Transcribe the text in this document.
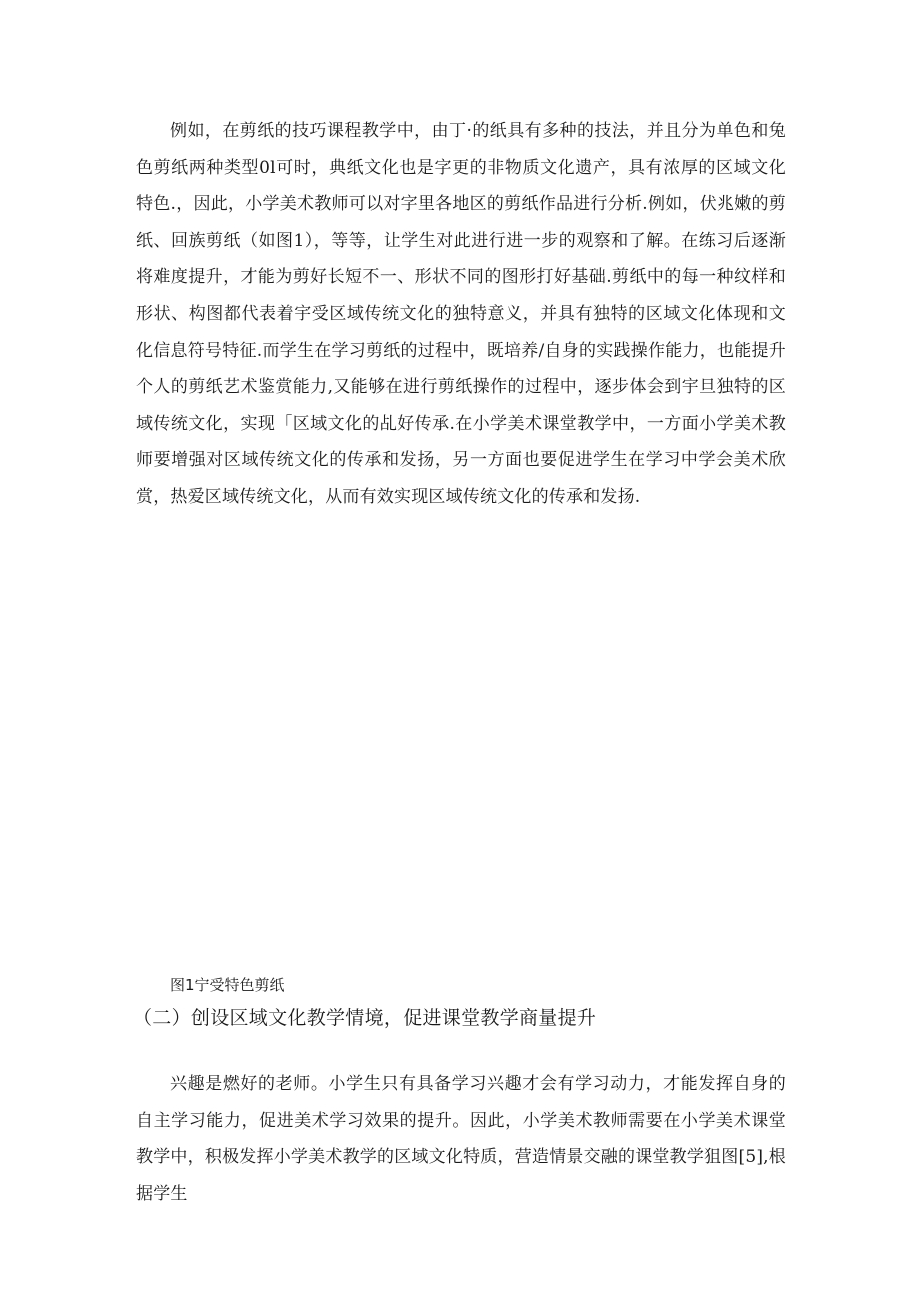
例如，在剪纸的技巧课程教学中，由丁·的纸具有多种的技法，并且分为单色和兔色剪纸两种类型0l可时，典纸文化也是字更的非物质文化遗产，具有浓厚的区域文化特色.，因此，小学美术教师可以对字里各地区的剪纸作品进行分析.例如，伏兆嫩的剪纸、回族剪纸（如图1），等等，让学生对此进行进一步的观察和了解。在练习后逐渐将难度提升，才能为剪好长短不一、形状不同的图形打好基础.剪纸中的每一种纹样和形状、构图都代表着宇受区域传统文化的独特意义，并具有独特的区域文化体现和文化信息符号特征.而学生在学习剪纸的过程中，既培养/自身的实践操作能力，也能提升个人的剪纸艺术鉴赏能力,又能够在进行剪纸操作的过程中，逐步体会到宇旦独特的区域传统文化，实现「区域文化的乩好传承.在小学美术课堂教学中，一方面小学美术教师要增强对区域传统文化的传承和发扬，另一方面也要促进学生在学习中学会美术欣赏，热爱区域传统文化，从而有效实现区域传统文化的传承和发扬.

图1宁受特色剪纸
（二）创设区域文化教学情境，促进课堂教学商量提升

兴趣是燃好的老师。小学生只有具备学习兴趣才会有学习动力，才能发挥自身的自主学习能力，促进美术学习效果的提升。因此，小学美术教师需要在小学美术课堂教学中，积极发挥小学美术教学的区域文化特质，营造情景交融的课堂教学狙图[5],根据学生
